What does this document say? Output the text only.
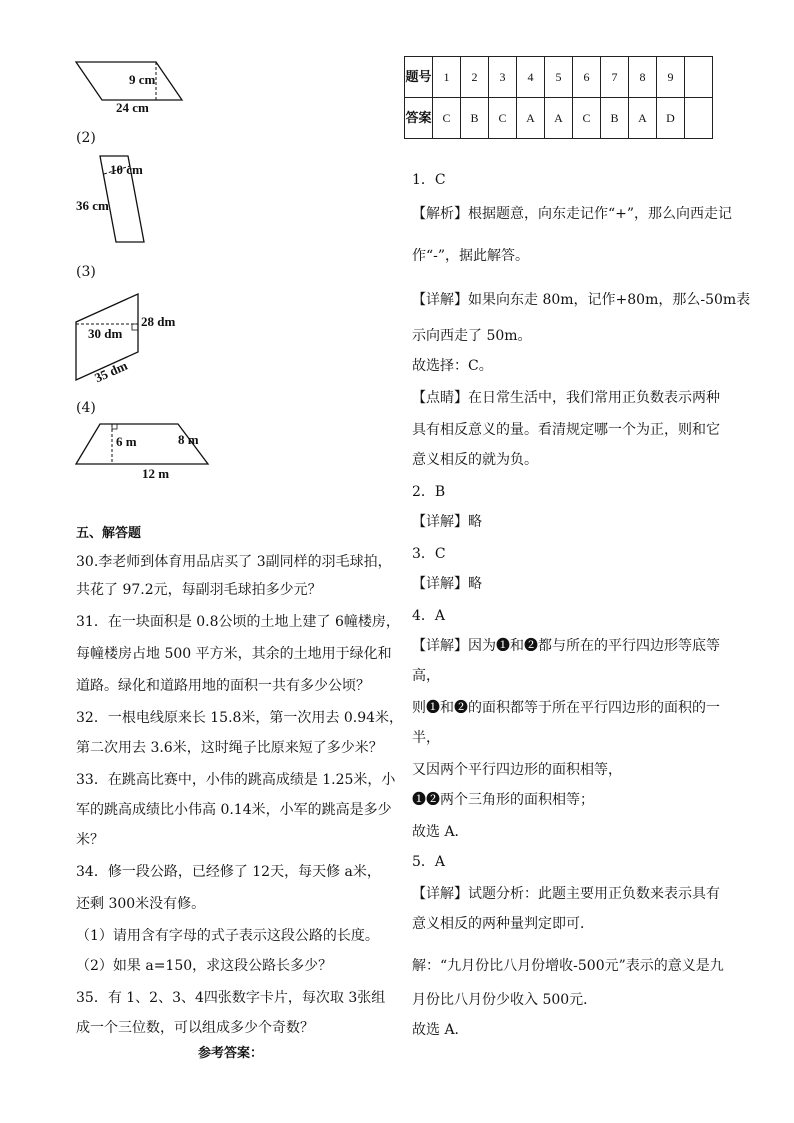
9 cm
24 cm
(2)
10 cm
36 cm
(3)
28 dm
30 dm
35 dm
(4)
6 m	8 m
12 m
五、解答题
30.李老师到体育用品店买了 3副同样的羽毛球拍，
共花了 97.2元，每副羽毛球拍多少元？
31．在一块面积是 0.8公顷的土地上建了 6幢楼房，
每幢楼房占地 500 平方米，其余的土地用于绿化和
道路。绿化和道路用地的面积一共有多少公顷？
32．一根电线原来长 15.8米，第一次用去 0.94米，
第二次用去 3.6米，这时绳子比原来短了多少米？
33．在跳高比赛中，小伟的跳高成绩是 1.25米，小
军的跳高成绩比小伟高 0.14米，小军的跳高是多少
米？
34．修一段公路，已经修了 12天，每天修 a米，
还剩 300米没有修。
（1）请用含有字母的式子表示这段公路的长度。
（2）如果 a=150，求这段公路长多少？
35．有 1、2、3、4四张数字卡片，每次取 3张组
成一个三位数，可以组成多少个奇数？
参考答案：
题号	1	2	3	4	5	6	7	8	9	
答案	C	B	C	A	A	C	B	A	D	
1．C
【解析】根据题意，向东走记作“+”，那么向西走记
作“-”，据此解答。
【详解】如果向东走 80m，记作+80m，那么-50m表
示向西走了 50m。
故选择：C。
【点睛】在日常生活中，我们常用正负数表示两种
具有相反意义的量。看清规定哪一个为正，则和它
意义相反的就为负。
2．B
【详解】略
3．C
【详解】略
4．A
【详解】因为❶和❷都与所在的平行四边形等底等
高，
则❶和❷的面积都等于所在平行四边形的面积的一
半，
又因两个平行四边形的面积相等，
❶❷两个三角形的面积相等；
故选 A．
5．A
【详解】试题分析：此题主要用正负数来表示具有
意义相反的两种量判定即可．
解：“九月份比八月份增收-500元”表示的意义是九
月份比八月份少收入 500元．
故选 A．
